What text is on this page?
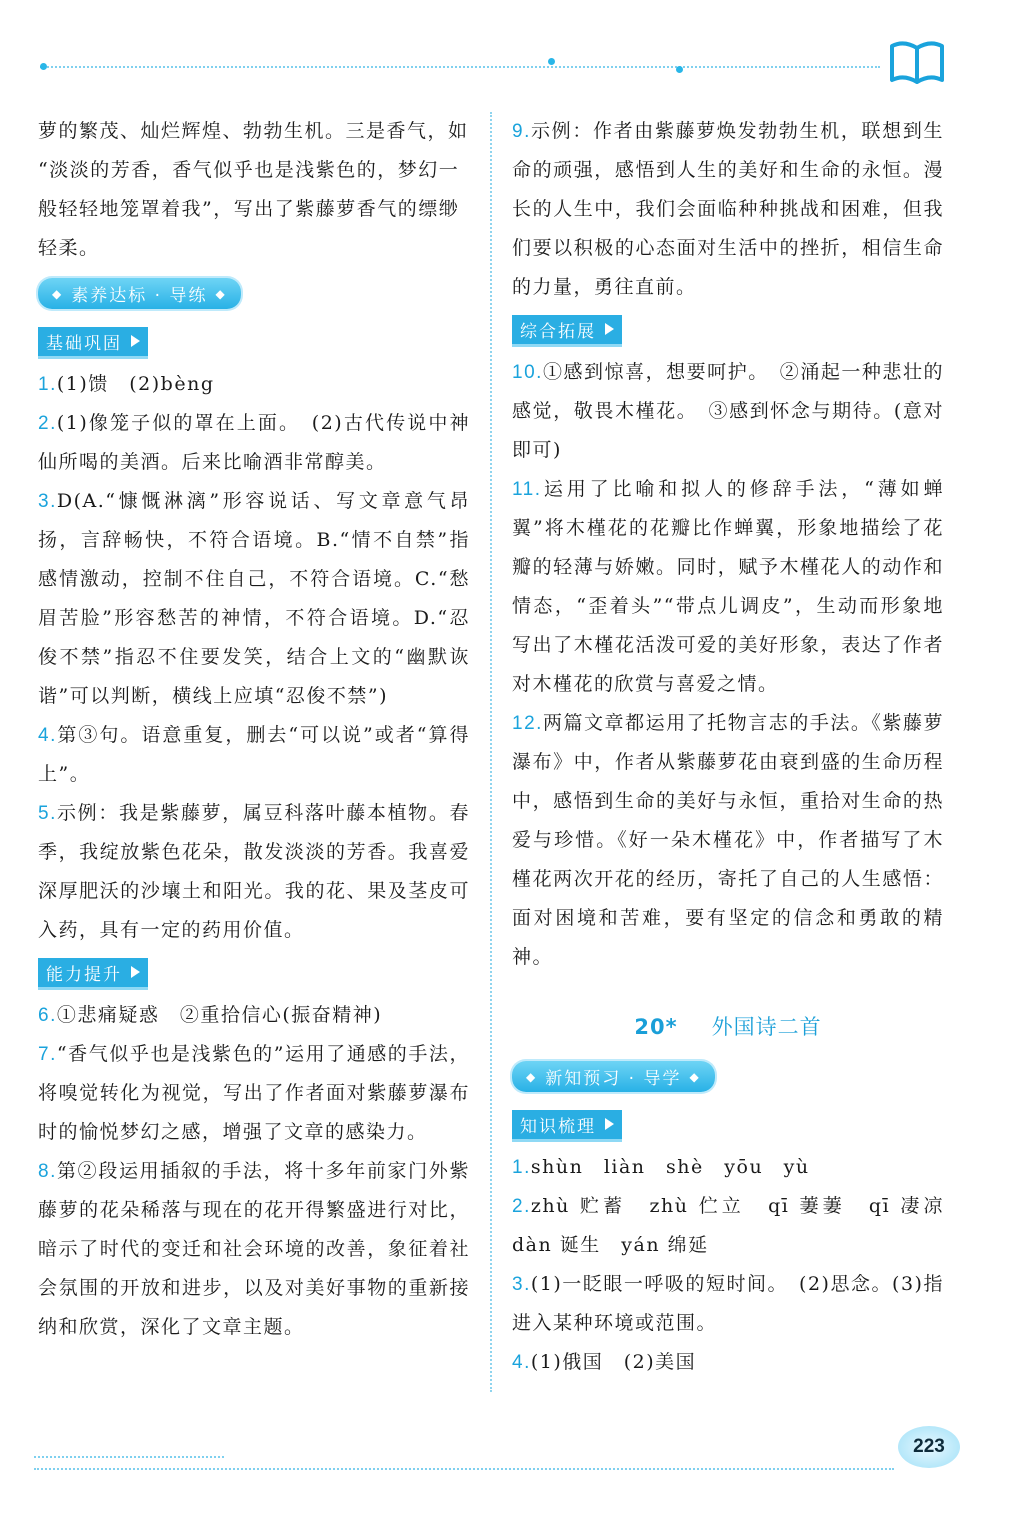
萝的繁茂、灿烂辉煌、勃勃生机。三是香气，如

“淡淡的芳香，香气似乎也是浅紫色的，梦幻一

般轻轻地笼罩着我”，写出了紫藤萝香气的缥缈

轻柔。

◆ 素养达标 · 导练 ◆

基础巩固

1.(1)馈　(2)bèng

2.(1)像笼子似的罩在上面。　(2)古代传说中神仙所喝的美酒。后来比喻酒非常醇美。

3.D(A.“慷慨淋漓”形容说话、写文章意气昂扬，言辞畅快，不符合语境。B.“情不自禁”指感情激动，控制不住自己，不符合语境。C.“愁眉苦脸”形容愁苦的神情，不符合语境。D.“忍俊不禁”指忍不住要发笑，结合上文的“幽默诙谐”可以判断，横线上应填“忍俊不禁”)

4.第③句。语意重复，删去“可以说”或者“算得上”。

5.示例：我是紫藤萝，属豆科落叶藤本植物。春季，我绽放紫色花朵，散发淡淡的芳香。我喜爱深厚肥沃的沙壤土和阳光。我的花、果及茎皮可入药，具有一定的药用价值。

能力提升

6.①悲痛疑惑　②重拾信心(振奋精神)

7.“香气似乎也是浅紫色的”运用了通感的手法，将嗅觉转化为视觉，写出了作者面对紫藤萝瀑布时的愉悦梦幻之感，增强了文章的感染力。

8.第②段运用插叙的手法，将十多年前家门外紫藤萝的花朵稀落与现在的花开得繁盛进行对比，暗示了时代的变迁和社会环境的改善，象征着社会氛围的开放和进步，以及对美好事物的重新接纳和欣赏，深化了文章主题。

9.示例：作者由紫藤萝焕发勃勃生机，联想到生命的顽强，感悟到人生的美好和生命的永恒。漫长的人生中，我们会面临种种挑战和困难，但我们要以积极的心态面对生活中的挫折，相信生命的力量，勇往直前。

综合拓展

10.①感到惊喜，想要呵护。　②涌起一种悲壮的感觉，敬畏木槿花。　③感到怀念与期待。(意对即可)

11.运用了比喻和拟人的修辞手法，“薄如蝉翼”将木槿花的花瓣比作蝉翼，形象地描绘了花瓣的轻薄与娇嫩。同时，赋予木槿花人的动作和情态，“歪着头”“带点儿调皮”，生动而形象地写出了木槿花活泼可爱的美好形象，表达了作者对木槿花的欣赏与喜爱之情。

12.两篇文章都运用了托物言志的手法。《紫藤萝瀑布》中，作者从紫藤萝花由衰到盛的生命历程中，感悟到生命的美好与永恒，重拾对生命的热爱与珍惜。《好一朵木槿花》中，作者描写了木槿花两次开花的经历，寄托了自己的人生感悟：面对困境和苦难，要有坚定的信念和勇敢的精神。

20* 外国诗二首
◆ 新知预习 · 导学 ◆

知识梳理

1.shùn　liàn　shè　yōu　yù

2.zhù 贮蓄　zhù 伫立　qī 萋萋　qī 凄凉　dàn 诞生　yán 绵延

3.(1)一眨眼一呼吸的短时间。　(2)思念。(3)指进入某种环境或范围。

4.(1)俄国　(2)美国

223
